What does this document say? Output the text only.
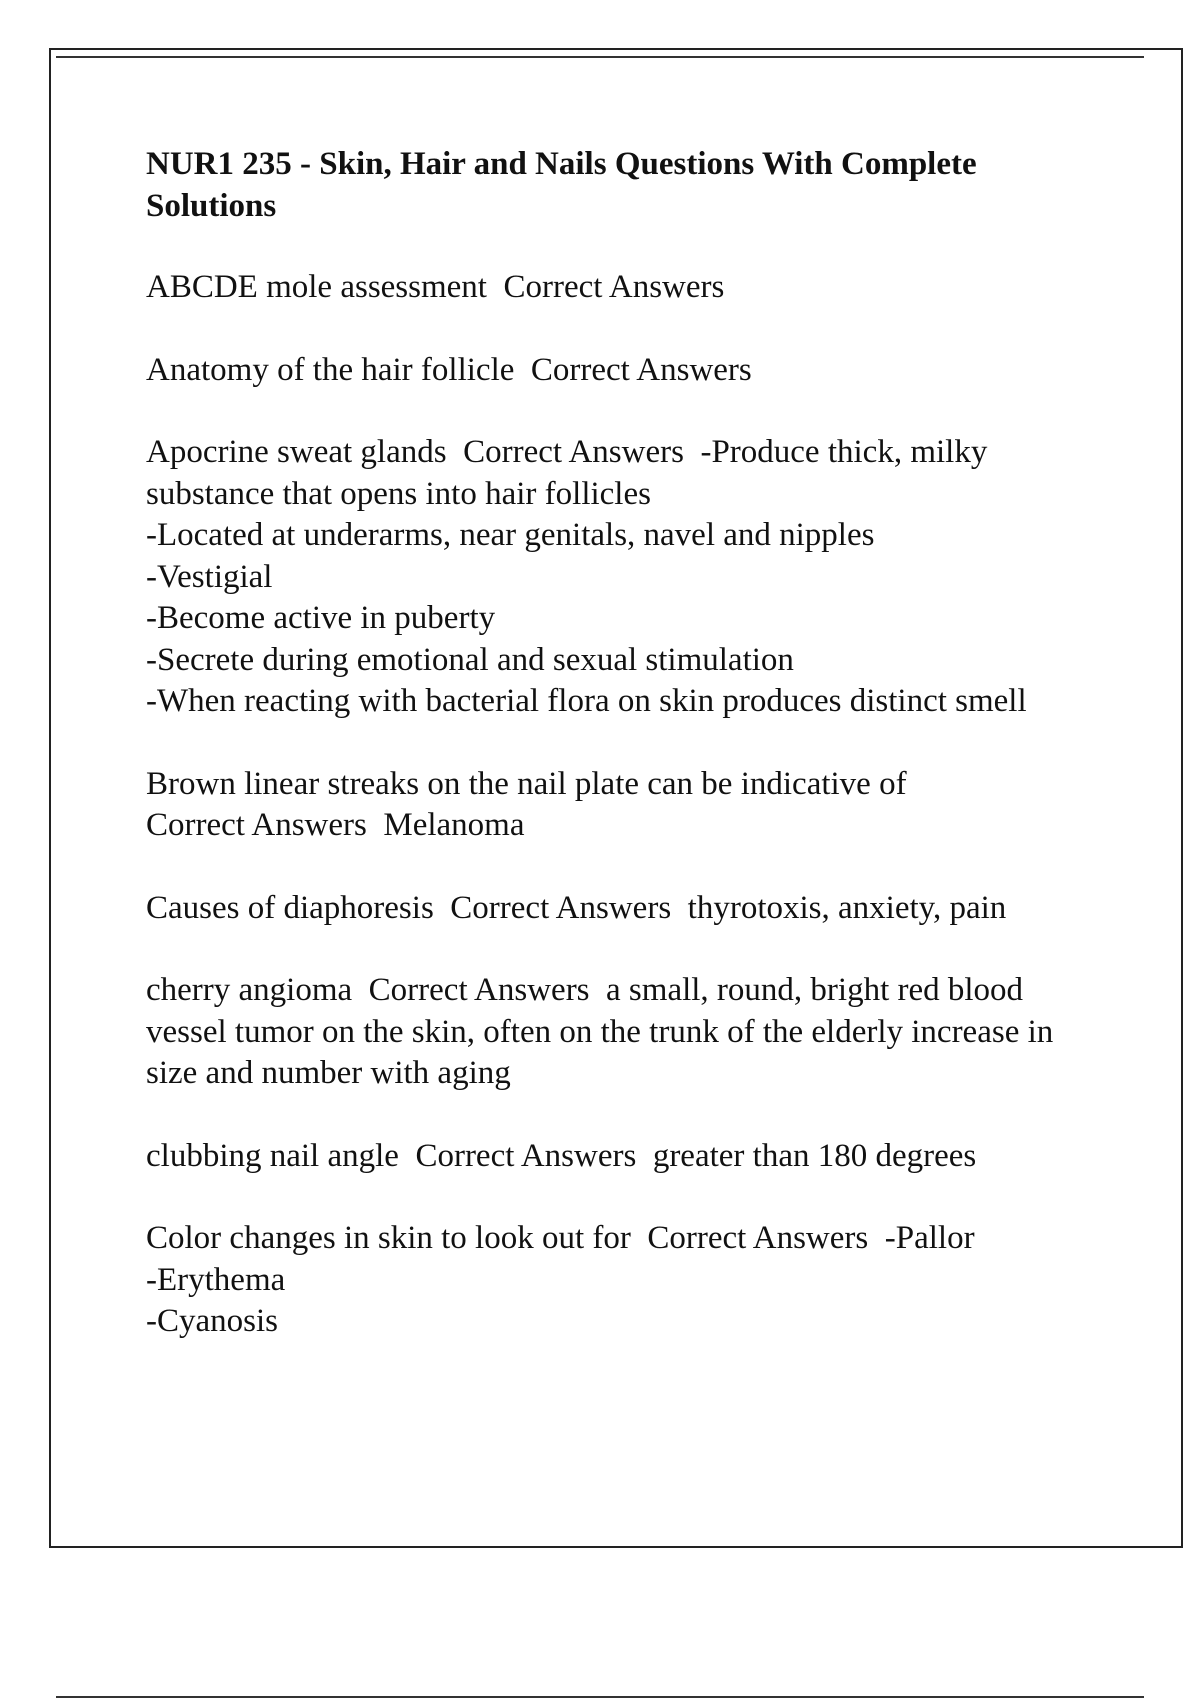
NUR1 235 - Skin, Hair and Nails Questions With Complete Solutions
ABCDE mole assessment Correct Answers
Anatomy of the hair follicle Correct Answers
Apocrine sweat glands Correct Answers -Produce thick, milky substance that opens into hair follicles
-Located at underarms, near genitals, navel and nipples
-Vestigial
-Become active in puberty
-Secrete during emotional and sexual stimulation
-When reacting with bacterial flora on skin produces distinct smell
Brown linear streaks on the nail plate can be indicative of
Correct Answers Melanoma
Causes of diaphoresis Correct Answers thyrotoxis, anxiety, pain
cherry angioma Correct Answers a small, round, bright red blood vessel tumor on the skin, often on the trunk of the elderly increase in size and number with aging
clubbing nail angle Correct Answers greater than 180 degrees
Color changes in skin to look out for Correct Answers -Pallor
-Erythema
-Cyanosis
